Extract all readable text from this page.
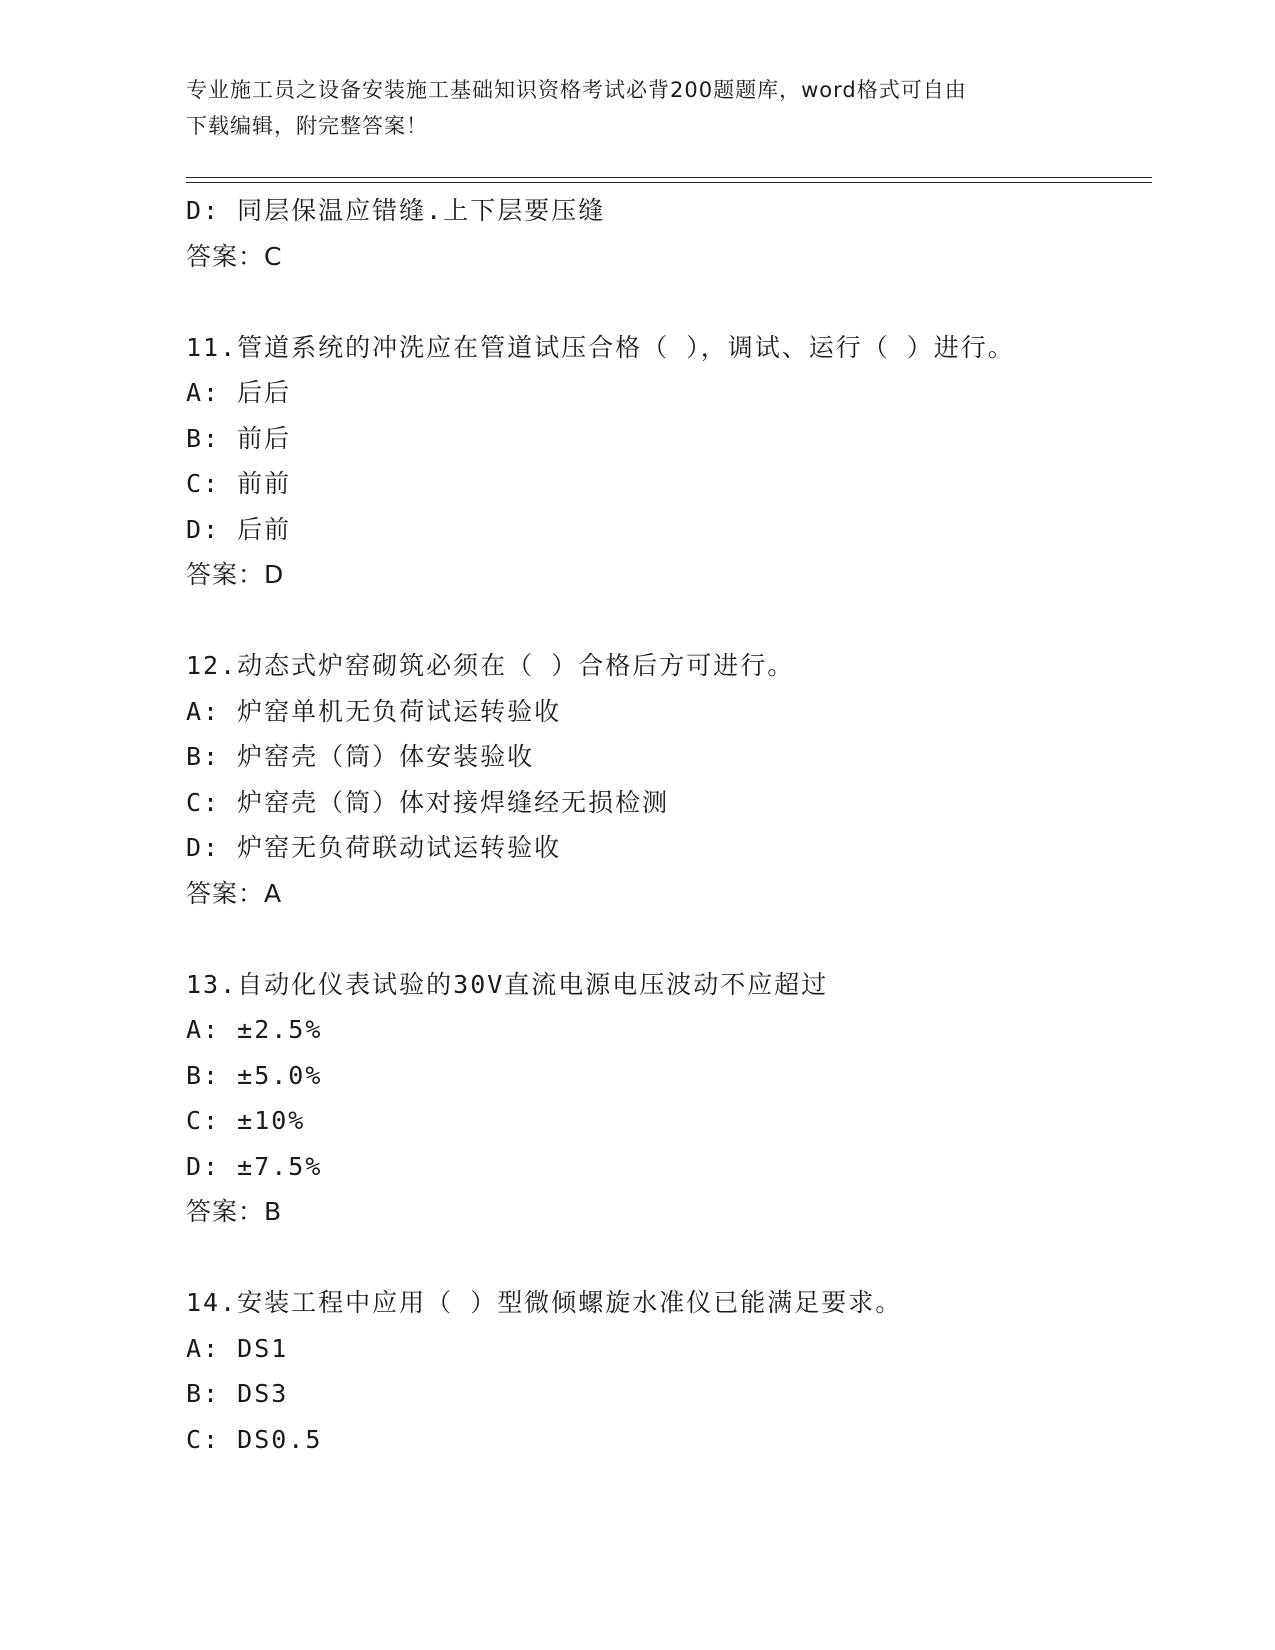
专业施工员之设备安装施工基础知识资格考试必背200题题库，word格式可自由
下载编辑，附完整答案！
D: 同层保温应错缝.上下层要压缝
答案：C
11.管道系统的冲洗应在管道试压合格（ ），调试、运行（ ）进行。
A: 后后
B: 前后
C: 前前
D: 后前
答案：D
12.动态式炉窑砌筑必须在（ ）合格后方可进行。
A: 炉窑单机无负荷试运转验收
B: 炉窑壳（筒）体安装验收
C: 炉窑壳（筒）体对接焊缝经无损检测
D: 炉窑无负荷联动试运转验收
答案：A
13.自动化仪表试验的30V直流电源电压波动不应超过
A: ±2.5%
B: ±5.0%
C: ±10%
D: ±7.5%
答案：B
14.安装工程中应用（ ）型微倾螺旋水准仪已能满足要求。
A: DS1
B: DS3
C: DS0.5
